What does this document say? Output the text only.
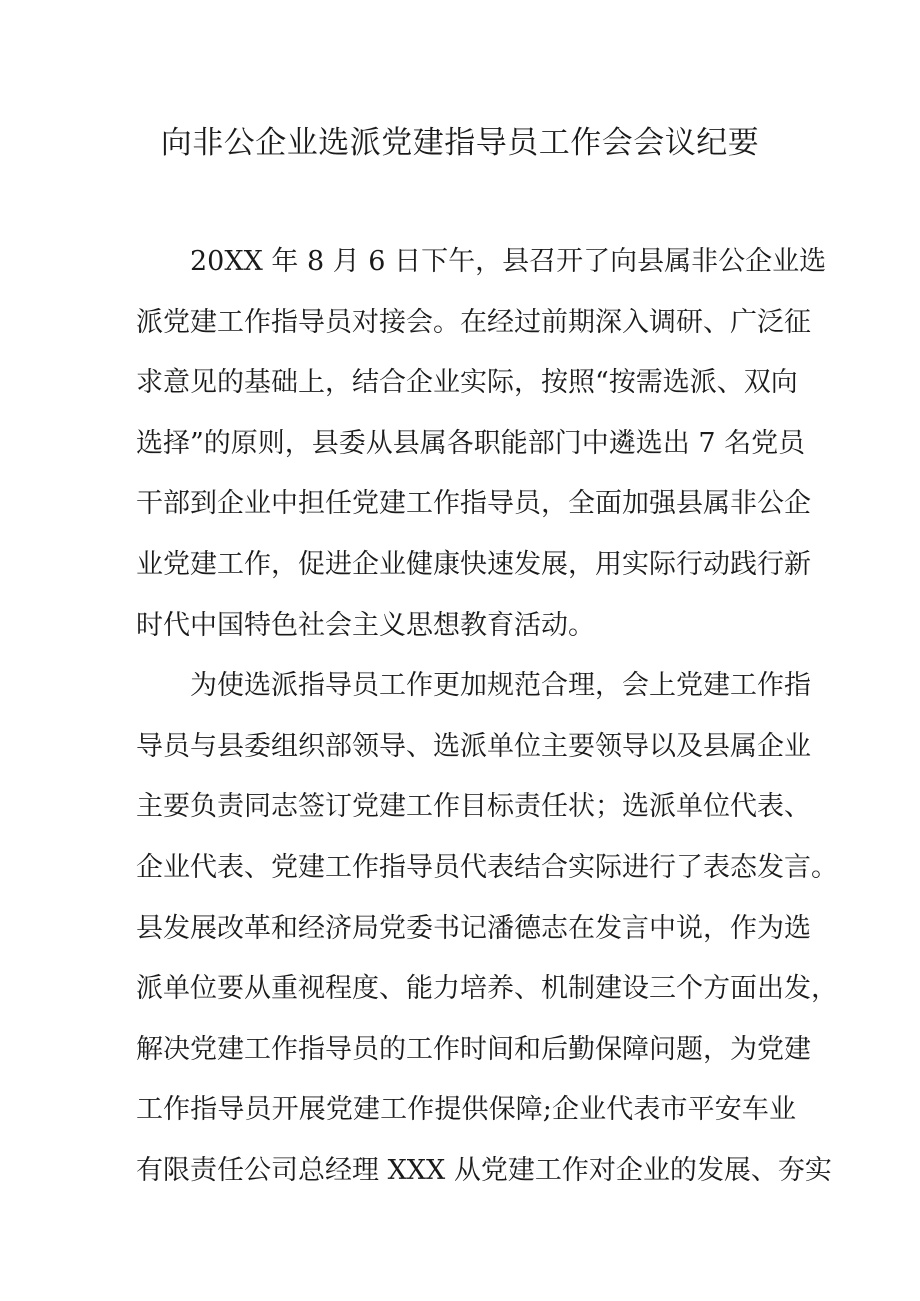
向非公企业选派党建指导员工作会会议纪要
20XX 年 8 月 6 日下午，县召开了向县属非公企业选
派党建工作指导员对接会。在经过前期深入调研、广泛征
求意见的基础上，结合企业实际，按照“按需选派、双向
选择”的原则，县委从县属各职能部门中遴选出 7 名党员
干部到企业中担任党建工作指导员，全面加强县属非公企
业党建工作，促进企业健康快速发展，用实际行动践行新
时代中国特色社会主义思想教育活动。
为使选派指导员工作更加规范合理，会上党建工作指
导员与县委组织部领导、选派单位主要领导以及县属企业
主要负责同志签订党建工作目标责任状；选派单位代表、
企业代表、党建工作指导员代表结合实际进行了表态发言。
县发展改革和经济局党委书记潘德志在发言中说，作为选
派单位要从重视程度、能力培养、机制建设三个方面出发，
解决党建工作指导员的工作时间和后勤保障问题，为党建
工作指导员开展党建工作提供保障;企业代表市平安车业
有限责任公司总经理 XXX 从党建工作对企业的发展、夯实
